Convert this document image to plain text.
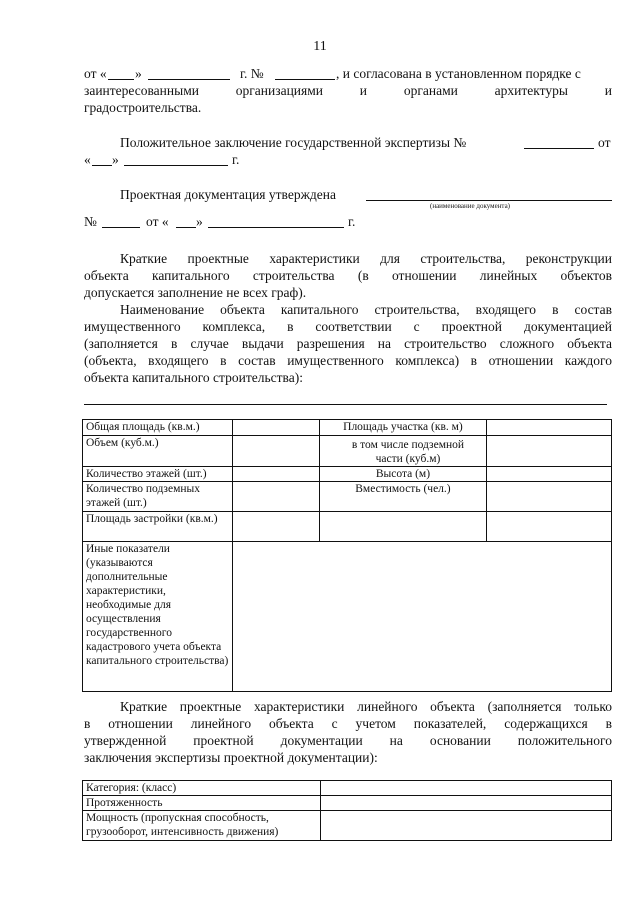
11
от « »	г. №	, и согласована в установленном порядке с
заинтересованными	организациями	и	органами	архитектуры	и
градостроительства.
Положительное заключение государственной экспертизы №	от
« »	г.
Проектная документация утверждена
(наименование документа)
№	от « »	г.
Краткие проектные характеристики для строительства, реконструкции
объекта капитального строительства (в отношении линейных объектов
допускается заполнение не всех граф).
Наименование объекта капитального строительства, входящего в состав
имущественного комплекса, в соответствии с проектной документацией
(заполняется в случае выдачи разрешения на строительство сложного объекта
(объекта, входящего в состав имущественного комплекса) в отношении каждого
объекта капитального строительства):
Общая площадь (кв.м.)		Площадь участка (кв. м)	
Объем (куб.м.)		в том числе подземной части (куб.м)	
Количество этажей (шт.)		Высота (м)	
Количество подземных этажей (шт.)		Вместимость (чел.)	
Площадь застройки (кв.м.)			
Иные показатели (указываются дополнительные характеристики, необходимые для осуществления государственного кадастрового учета объекта капитального строительства)			
Краткие проектные характеристики линейного объекта (заполняется только
в отношении линейного объекта с учетом показателей, содержащихся в
утвержденной проектной документации на основании положительного
заключения экспертизы проектной документации):
Категория: (класс)	
Протяженность	
Мощность (пропускная способность, грузооборот, интенсивность движения)	
